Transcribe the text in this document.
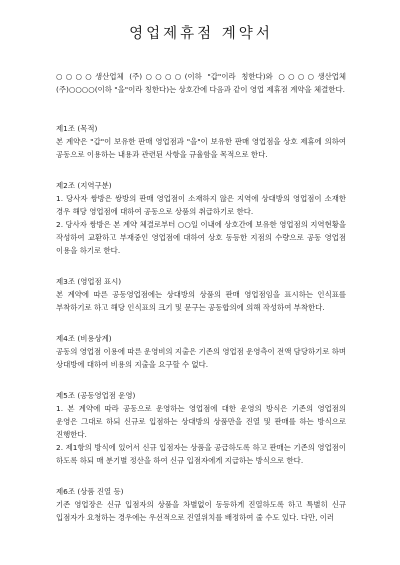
영업제휴점 계약서

○○○○생산업체 (주)○○○○(이하 "갑"이라 칭한다)와 ○○○○생산업체 (주)○○○○(이하 "을"이라 칭한다)는 상호간에 다음과 같이 영업 제휴점 계약을 체결한다.

제1조 (목적)

본 계약은 "갑"이 보유한 판매 영업점과 "을"이 보유한 판매 영업점을 상호 제휴에 의하여 공동으로 이용하는 내용과 관련된 사항을 규율함을 목적으로 한다.

제2조 (지역구분)

1. 당사자 쌍방은 쌍방의 판매 영업점이 소재하지 않은 지역에 상대방의 영업점이 소재한 경우 해당 영업점에 대하여 공동으로 상품의 취급하기로 한다.

2. 당사자 쌍방은 본 계약 체결로부터 ○○일 이내에 상호간에 보유한 영업점의 지역현황을 작성하여 교환하고 부재중인 영업점에 대하여 상호 동등한 지점의 수량으로 공동 영업점 이용을 하기로 한다.

제3조 (영업점 표시)

본 계약에 따른 공동영업점에는 상대방의 상품의 판매 영업점임을 표시하는 인식표를 부착하기로 하고 해당 인식표의 크기 및 문구는 공동합의에 의해 작성하여 부착한다.

제4조 (비용상계)

공동의 영업점 이용에 따른 운영비의 지출은 기존의 영업점 운영측이 전액 담당하기로 하며 상대방에 대하여 비용의 지출을 요구할 수 없다.

제5조 (공동영업점 운영)

1. 본 계약에 따라 공동으로 운영하는 영업점에 대한 운영의 방식은 기존의 영업점의 운영은 그대로 하되 신규로 입점하는 상대방의 상품만을 진열 및 판매를 하는 방식으로 진행한다.

2. 제1항의 방식에 있어서 신규 입점자는 상품을 공급하도록 하고 판매는 기존의 영업점이 하도록 하되 매 분기별 정산을 하여 신규 입점자에게 지급하는 방식으로 한다.

제6조 (상품 진열 등)

기존 영업장은 신규 입점자의 상품을 차별없이 동등하게 진열하도록 하고 특별히 신규 입점자가 요청하는 경우에는 우선적으로 진열위치를 배정하여 줄 수도 있다. 다만, 이러
